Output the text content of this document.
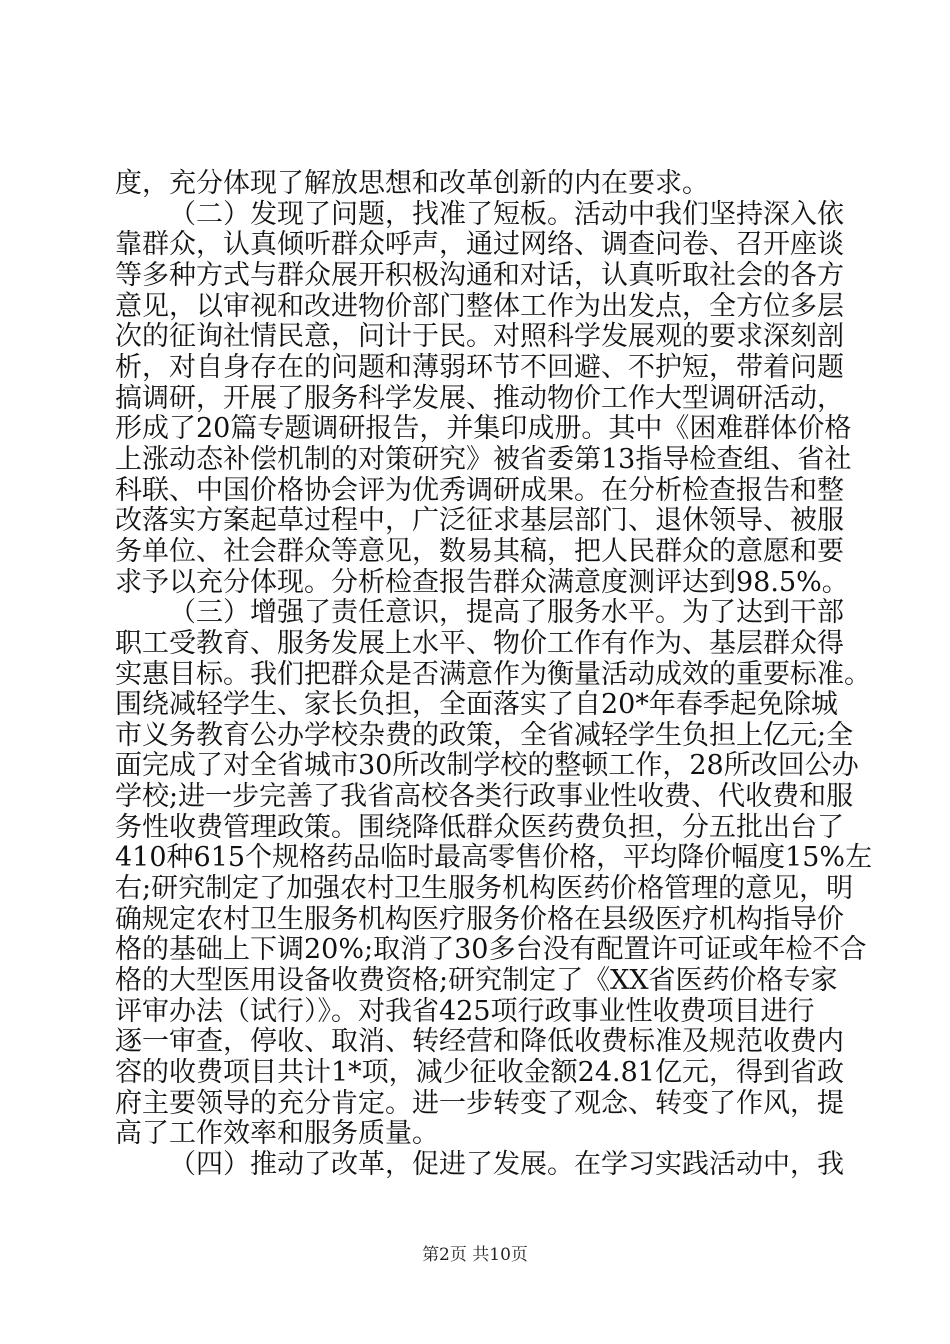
度，充分体现了解放思想和改革创新的内在要求。
（二）发现了问题，找准了短板。活动中我们坚持深入依
靠群众，认真倾听群众呼声，通过网络、调查问卷、召开座谈
等多种方式与群众展开积极沟通和对话，认真听取社会的各方
意见，以审视和改进物价部门整体工作为出发点，全方位多层
次的征询社情民意，问计于民。对照科学发展观的要求深刻剖
析，对自身存在的问题和薄弱环节不回避、不护短，带着问题
搞调研，开展了服务科学发展、推动物价工作大型调研活动，
形成了20篇专题调研报告，并集印成册。其中《困难群体价格
上涨动态补偿机制的对策研究》被省委第13指导检查组、省社
科联、中国价格协会评为优秀调研成果。在分析检查报告和整
改落实方案起草过程中，广泛征求基层部门、退休领导、被服
务单位、社会群众等意见，数易其稿，把人民群众的意愿和要
求予以充分体现。分析检查报告群众满意度测评达到98.5%。
（三）增强了责任意识，提高了服务水平。为了达到干部
职工受教育、服务发展上水平、物价工作有作为、基层群众得
实惠目标。我们把群众是否满意作为衡量活动成效的重要标准。
围绕减轻学生、家长负担，全面落实了自20*年春季起免除城
市义务教育公办学校杂费的政策，全省减轻学生负担上亿元;全
面完成了对全省城市30所改制学校的整顿工作，28所改回公办
学校;进一步完善了我省高校各类行政事业性收费、代收费和服
务性收费管理政策。围绕降低群众医药费负担，分五批出台了
410种615个规格药品临时最高零售价格，平均降价幅度15%左
右;研究制定了加强农村卫生服务机构医药价格管理的意见，明
确规定农村卫生服务机构医疗服务价格在县级医疗机构指导价
格的基础上下调20%;取消了30多台没有配置许可证或年检不合
格的大型医用设备收费资格;研究制定了《XX省医药价格专家
评审办法（试行）》。对我省425项行政事业性收费项目进行
逐一审查，停收、取消、转经营和降低收费标准及规范收费内
容的收费项目共计1*项，减少征收金额24.81亿元，得到省政
府主要领导的充分肯定。进一步转变了观念、转变了作风，提
高了工作效率和服务质量。
（四）推动了改革，促进了发展。在学习实践活动中，我
第2页 共10页
